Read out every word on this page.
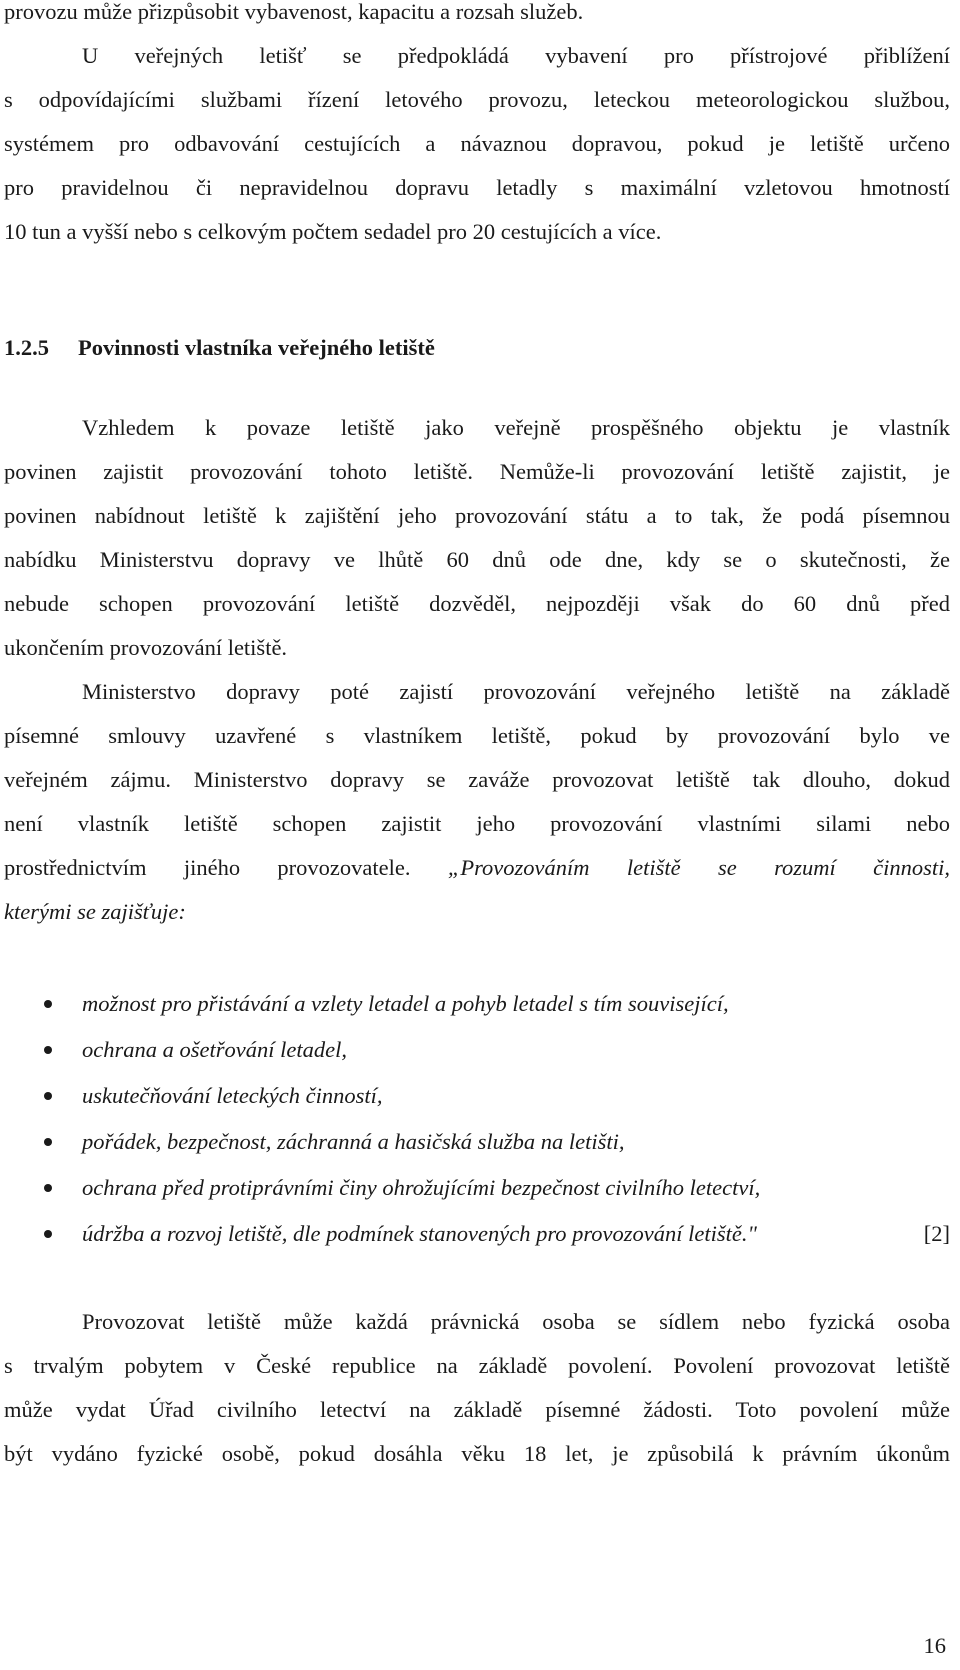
provozu může přizpůsobit vybavenost, kapacitu a rozsah služeb.
U veřejných letišť se předpokládá vybavení pro přístrojové přiblížení
s odpovídajícími službami řízení letového provozu, leteckou meteorologickou službou,
systémem pro odbavování cestujících a návaznou dopravou, pokud je letiště určeno
pro pravidelnou či nepravidelnou dopravu letadly s maximální vzletovou hmotností
10 tun a vyšší nebo s celkovým počtem sedadel pro 20 cestujících a více.
1.2.5 Povinnosti vlastníka veřejného letiště
Vzhledem k povaze letiště jako veřejně prospěšného objektu je vlastník
povinen zajistit provozování tohoto letiště. Nemůže-li provozování letiště zajistit, je
povinen nabídnout letiště k zajištění jeho provozování státu a to tak, že podá písemnou
nabídku Ministerstvu dopravy ve lhůtě 60 dnů ode dne, kdy se o skutečnosti, že
nebude schopen provozování letiště dozvěděl, nejpozději však do 60 dnů před
ukončením provozování letiště.
Ministerstvo dopravy poté zajistí provozování veřejného letiště na základě
písemné smlouvy uzavřené s vlastníkem letiště, pokud by provozování bylo ve
veřejném zájmu. Ministerstvo dopravy se zaváže provozovat letiště tak dlouho, dokud
není vlastník letiště schopen zajistit jeho provozování vlastními silami nebo
prostřednictvím jiného provozovatele. „Provozováním letiště se rozumí činnosti,
kterými se zajišťuje:
možnost pro přistávání a vzlety letadel a pohyb letadel s tím související,
ochrana a ošetřování letadel,
uskutečňování leteckých činností,
pořádek, bezpečnost, záchranná a hasičská služba na letišti,
ochrana před protiprávními činy ohrožujícími bezpečnost civilního letectví,
údržba a rozvoj letiště, dle podmínek stanovených pro provozování letiště."	[2]
Provozovat letiště může každá právnická osoba se sídlem nebo fyzická osoba
s trvalým pobytem v České republice na základě povolení. Povolení provozovat letiště
může vydat Úřad civilního letectví na základě písemné žádosti. Toto povolení může
být vydáno fyzické osobě, pokud dosáhla věku 18 let, je způsobilá k právním úkonům
16
